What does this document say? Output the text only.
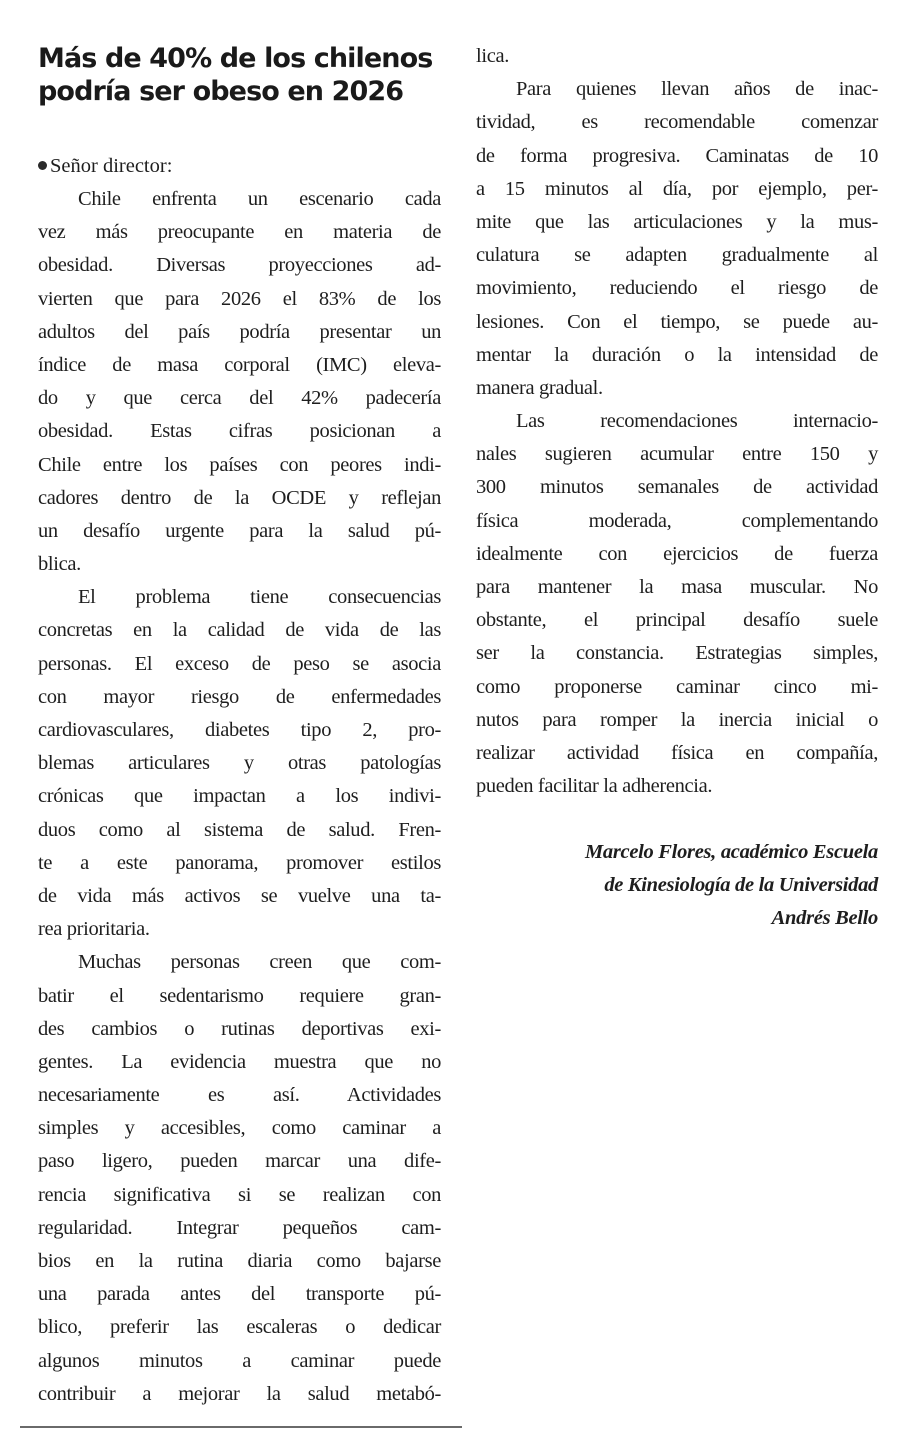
Más de 40% de los chilenos
podría ser obeso en 2026
Señor director:
Chile enfrenta un escenario cada
vez más preocupante en materia de
obesidad. Diversas proyecciones ad-
vierten que para 2026 el 83% de los
adultos del país podría presentar un
índice de masa corporal (IMC) eleva-
do y que cerca del 42% padecería
obesidad. Estas cifras posicionan a
Chile entre los países con peores indi-
cadores dentro de la OCDE y reflejan
un desafío urgente para la salud pú-
blica.
El problema tiene consecuencias
concretas en la calidad de vida de las
personas. El exceso de peso se asocia
con mayor riesgo de enfermedades
cardiovasculares, diabetes tipo 2, pro-
blemas articulares y otras patologías
crónicas que impactan a los indivi-
duos como al sistema de salud. Fren-
te a este panorama, promover estilos
de vida más activos se vuelve una ta-
rea prioritaria.
Muchas personas creen que com-
batir el sedentarismo requiere gran-
des cambios o rutinas deportivas exi-
gentes. La evidencia muestra que no
necesariamente es así. Actividades
simples y accesibles, como caminar a
paso ligero, pueden marcar una dife-
rencia significativa si se realizan con
regularidad. Integrar pequeños cam-
bios en la rutina diaria como bajarse
una parada antes del transporte pú-
blico, preferir las escaleras o dedicar
algunos minutos a caminar puede
contribuir a mejorar la salud metabó-
lica.
Para quienes llevan años de inac-
tividad, es recomendable comenzar
de forma progresiva. Caminatas de 10
a 15 minutos al día, por ejemplo, per-
mite que las articulaciones y la mus-
culatura se adapten gradualmente al
movimiento, reduciendo el riesgo de
lesiones. Con el tiempo, se puede au-
mentar la duración o la intensidad de
manera gradual.
Las recomendaciones internacio-
nales sugieren acumular entre 150 y
300 minutos semanales de actividad
física moderada, complementando
idealmente con ejercicios de fuerza
para mantener la masa muscular. No
obstante, el principal desafío suele
ser la constancia. Estrategias simples,
como proponerse caminar cinco mi-
nutos para romper la inercia inicial o
realizar actividad física en compañía,
pueden facilitar la adherencia.
Marcelo Flores, académico Escuela
de Kinesiología de la Universidad
Andrés Bello
